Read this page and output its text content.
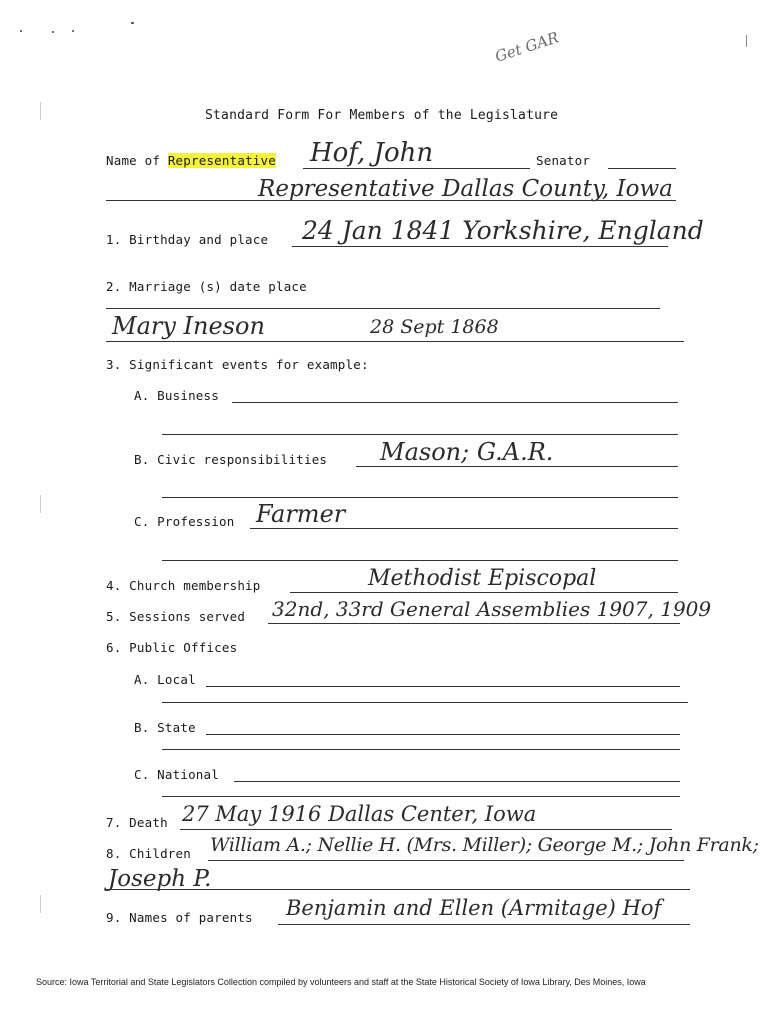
Get GAR
Standard Form For Members of the Legislature
Name of Representative Hof, John	Senator
Representative Dallas County, Iowa
1. Birthday and place 24 Jan 1841 Yorkshire, England
2. Marriage (s) date place
Mary Ineson	28 Sept 1868
3. Significant events for example:
A. Business
B. Civic responsibilities Mason; G.A.R.
C. Profession Farmer
4. Church membership	Methodist Episcopal
5. Sessions served 32nd, 33rd General Assemblies 1907, 1909
6. Public Offices
A. Local
B. State
C. National
7. Death 27 May 1916 Dallas Center, Iowa
8. Children William A.; Nellie H. (Mrs. Miller); George M.; John Frank;
Joseph P.
9. Names of parents Benjamin and Ellen (Armitage) Hof
Source: Iowa Territorial and State Legislators Collection compiled by volunteers and staff at the State Historical Society of Iowa Library, Des Moines, Iowa
